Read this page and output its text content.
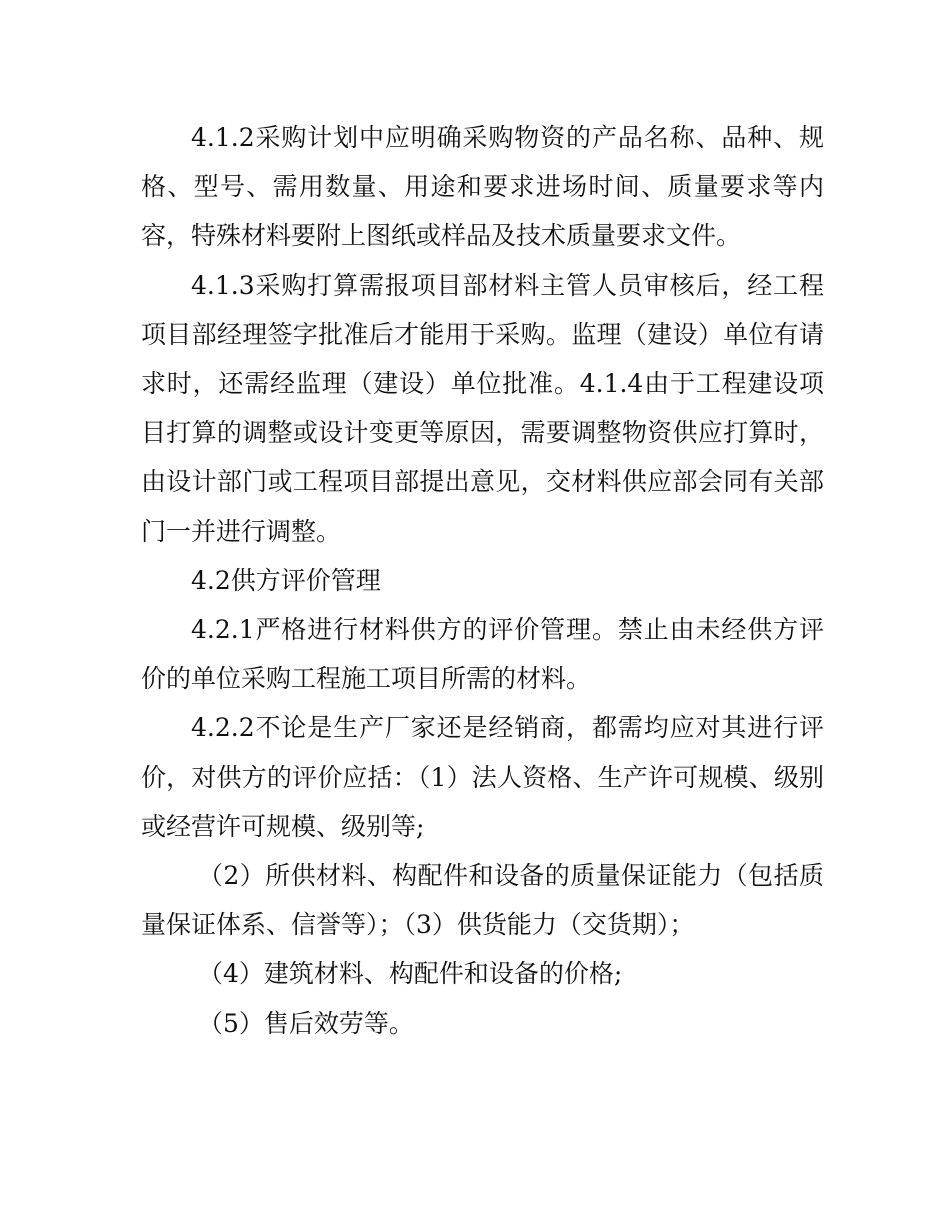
4.1.2采购计划中应明确采购物资的产品名称、品种、规格、型号、需用数量、用途和要求进场时间、质量要求等内容，特殊材料要附上图纸或样品及技术质量要求文件。

4.1.3采购打算需报项目部材料主管人员审核后，经工程项目部经理签字批准后才能用于采购。监理（建设）单位有请求时，还需经监理（建设）单位批准。4.1.4由于工程建设项目打算的调整或设计变更等原因，需要调整物资供应打算时，由设计部门或工程项目部提出意见，交材料供应部会同有关部门一并进行调整。

4.2供方评价管理

4.2.1严格进行材料供方的评价管理。禁止由未经供方评价的单位采购工程施工项目所需的材料。

4.2.2不论是生产厂家还是经销商，都需均应对其进行评价，对供方的评价应括：（1）法人资格、生产许可规模、级别或经营许可规模、级别等;

（2）所供材料、构配件和设备的质量保证能力（包括质量保证体系、信誉等）；（3）供货能力（交货期）；

（4）建筑材料、构配件和设备的价格;

（5）售后效劳等。
